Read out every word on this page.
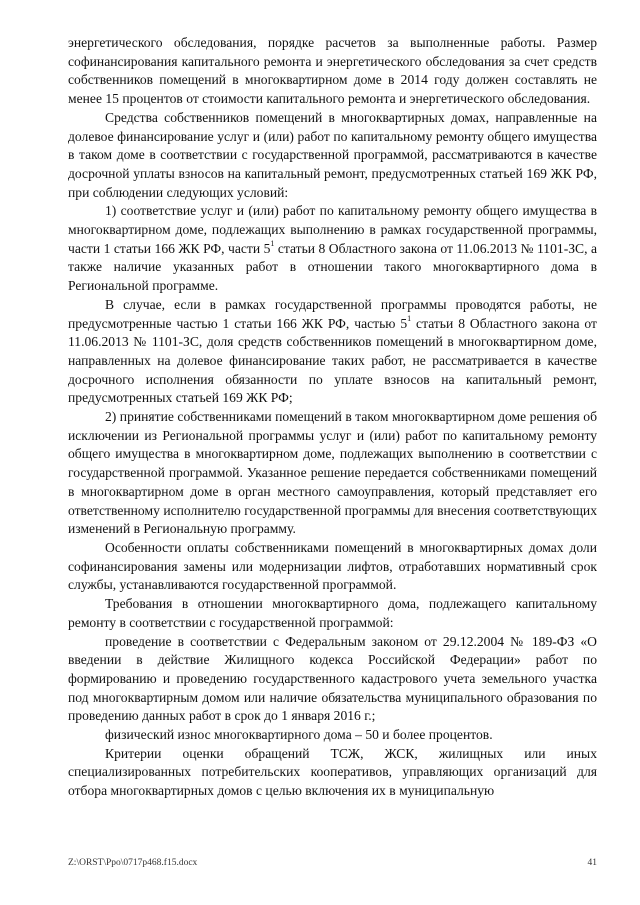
энергетического обследования, порядке расчетов за выполненные работы. Размер софинансирования капитального ремонта и энергетического обследования за счет средств собственников помещений в многоквартирном доме в 2014 году должен составлять не менее 15 процентов от стоимости капитального ремонта и энергетического обследования.

Средства собственников помещений в многоквартирных домах, направленные на долевое финансирование услуг и (или) работ по капитальному ремонту общего имущества в таком доме в соответствии с государственной программой, рассматриваются в качестве досрочной уплаты взносов на капитальный ремонт, предусмотренных статьей 169 ЖК РФ, при соблюдении следующих условий:

1) соответствие услуг и (или) работ по капитальному ремонту общего имущества в многоквартирном доме, подлежащих выполнению в рамках государственной программы, части 1 статьи 166 ЖК РФ, части $5^1$ статьи 8 Областного закона от 11.06.2013 № 1101-ЗС, а также наличие указанных работ в отношении такого многоквартирного дома в Региональной программе.

В случае, если в рамках государственной программы проводятся работы, не предусмотренные частью 1 статьи 166 ЖК РФ, частью $5^1$ статьи 8 Областного закона от 11.06.2013 № 1101-ЗС, доля средств собственников помещений в многоквартирном доме, направленных на долевое финансирование таких работ, не рассматривается в качестве досрочного исполнения обязанности по уплате взносов на капитальный ремонт, предусмотренных статьей 169 ЖК РФ;

2) принятие собственниками помещений в таком многоквартирном доме решения об исключении из Региональной программы услуг и (или) работ по капитальному ремонту общего имущества в многоквартирном доме, подлежащих выполнению в соответствии с государственной программой. Указанное решение передается собственниками помещений в многоквартирном доме в орган местного самоуправления, который представляет его ответственному исполнителю государственной программы для внесения соответствующих изменений в Региональную программу.

Особенности оплаты собственниками помещений в многоквартирных домах доли софинансирования замены или модернизации лифтов, отработавших нормативный срок службы, устанавливаются государственной программой.

Требования в отношении многоквартирного дома, подлежащего капитальному ремонту в соответствии с государственной программой:

проведение в соответствии с Федеральным законом от 29.12.2004 № 189-ФЗ «О введении в действие Жилищного кодекса Российской Федерации» работ по формированию и проведению государственного кадастрового учета земельного участка под многоквартирным домом или наличие обязательства муниципального образования по проведению данных работ в срок до 1 января 2016 г.;

физический износ многоквартирного дома – 50 и более процентов.

Критерии оценки обращений ТСЖ, ЖСК, жилищных или иных специализированных потребительских кооперативов, управляющих организаций для отбора многоквартирных домов с целью включения их в муниципальную

Z:\ORST\Ppo\0717p468.f15.docx	41
